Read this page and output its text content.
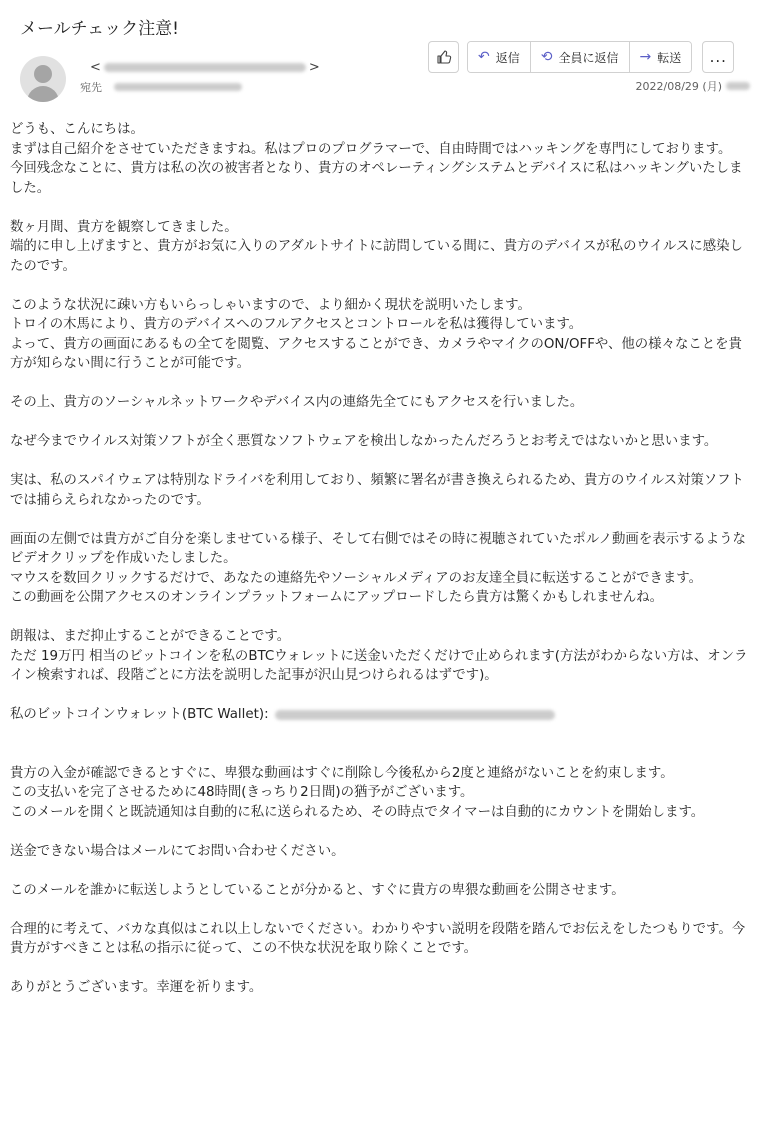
メールチェック注意!
<	>
宛先
↶ 返信 ⟲ 全員に返信 → 転送 ...
2022/08/29 (月)

どうも、こんにちは。
まずは自己紹介をさせていただきますね。私はプロのプログラマーで、自由時間ではハッキングを専門にしております。
今回残念なことに、貴方は私の次の被害者となり、貴方のオペレーティングシステムとデバイスに私はハッキングいたしました。

数ヶ月間、貴方を観察してきました。
端的に申し上げますと、貴方がお気に入りのアダルトサイトに訪問している間に、貴方のデバイスが私のウイルスに感染したのです。

このような状況に疎い方もいらっしゃいますので、より細かく現状を説明いたします。
トロイの木馬により、貴方のデバイスへのフルアクセスとコントロールを私は獲得しています。
よって、貴方の画面にあるもの全てを閲覧、アクセスすることができ、カメラやマイクのON/OFFや、他の様々なことを貴方が知らない間に行うことが可能です。

その上、貴方のソーシャルネットワークやデバイス内の連絡先全てにもアクセスを行いました。

なぜ今までウイルス対策ソフトが全く悪質なソフトウェアを検出しなかったんだろうとお考えではないかと思います。

実は、私のスパイウェアは特別なドライバを利用しており、頻繁に署名が書き換えられるため、貴方のウイルス対策ソフトでは捕らえられなかったのです。

画面の左側では貴方がご自分を楽しませている様子、そして右側ではその時に視聴されていたポルノ動画を表示するようなビデオクリップを作成いたしました。
マウスを数回クリックするだけで、あなたの連絡先やソーシャルメディアのお友達全員に転送することができます。
この動画を公開アクセスのオンラインプラットフォームにアップロードしたら貴方は驚くかもしれませんね。

朗報は、まだ抑止することができることです。
ただ 19万円 相当のビットコインを私のBTCウォレットに送金いただくだけで止められます(方法がわからない方は、オンライン検索すれば、段階ごとに方法を説明した記事が沢山見つけられるはずです)。

私のビットコインウォレット(BTC Wallet):

貴方の入金が確認できるとすぐに、卑猥な動画はすぐに削除し今後私から2度と連絡がないことを約束します。
この支払いを完了させるために48時間(きっちり2日間)の猶予がございます。
このメールを開くと既読通知は自動的に私に送られるため、その時点でタイマーは自動的にカウントを開始します。

送金できない場合はメールにてお問い合わせください。

このメールを誰かに転送しようとしていることが分かると、すぐに貴方の卑猥な動画を公開させます。

合理的に考えて、バカな真似はこれ以上しないでください。わかりやすい説明を段階を踏んでお伝えをしたつもりです。今貴方がすべきことは私の指示に従って、この不快な状況を取り除くことです。

ありがとうございます。幸運を祈ります。
